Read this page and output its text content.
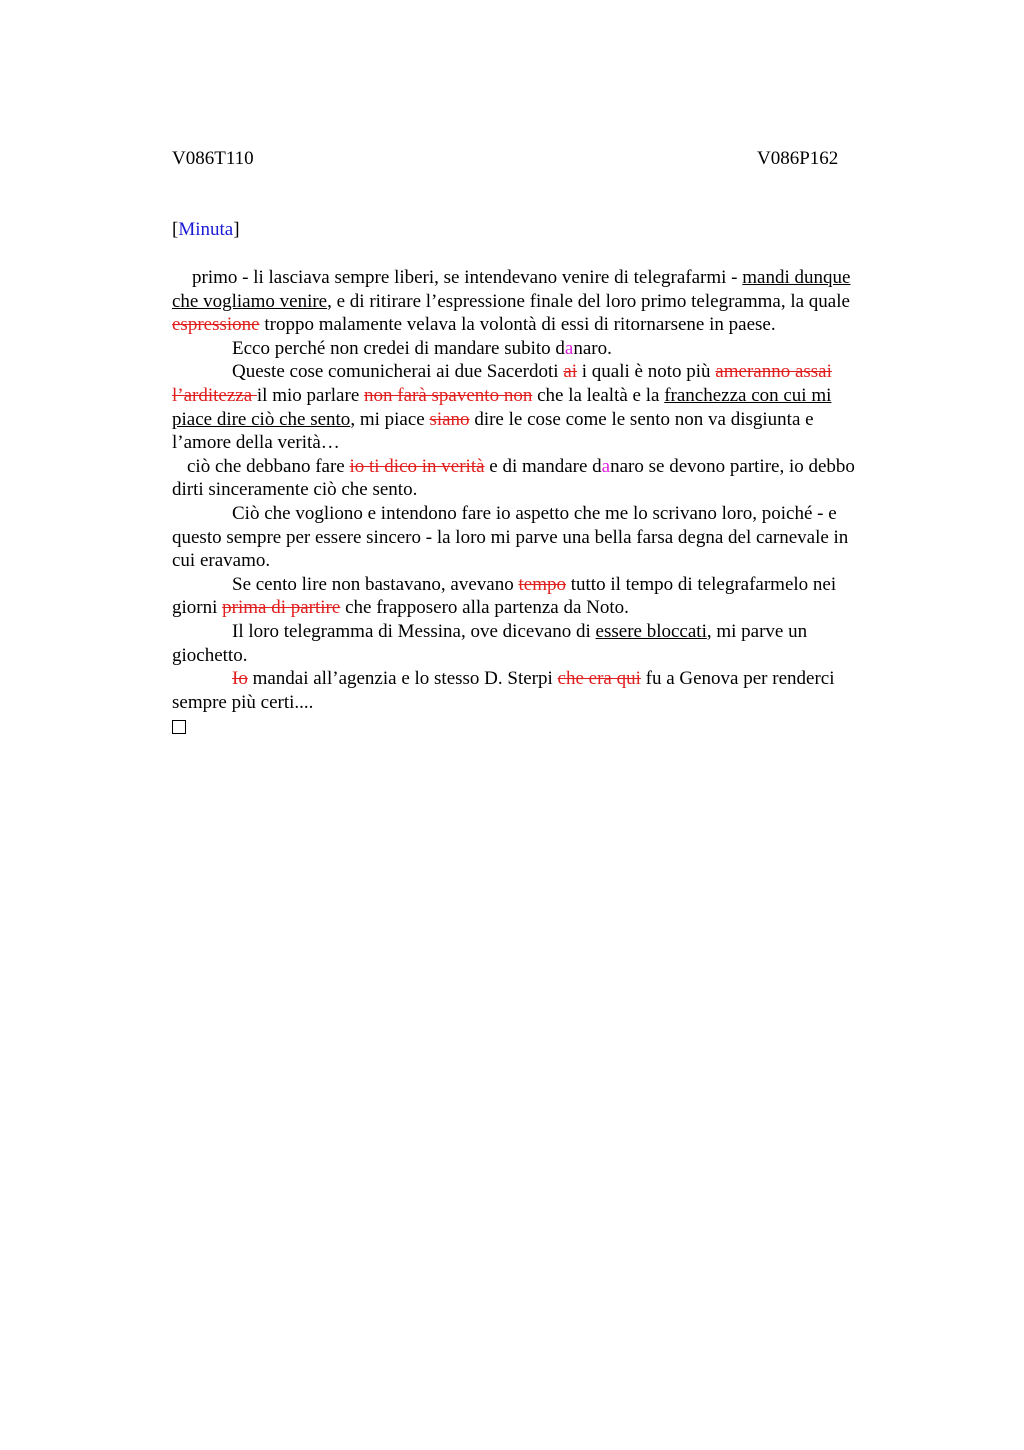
V086T110	V086P162
[Minuta]
primo - li lasciava sempre liberi, se intendevano venire di telegrafarmi - mandi dunque
che vogliamo venire, e di ritirare l’espressione finale del loro primo telegramma, la quale
espressione troppo malamente velava la volontà di essi di ritornarsene in paese.
Ecco perché non credei di mandare subito danaro.
Queste cose comunicherai ai due Sacerdoti ai i quali è noto più ameranno assai
l’arditezza il mio parlare non farà spavento non che la lealtà e la franchezza con cui mi
piace dire ciò che sento, mi piace siano dire le cose come le sento non va disgiunta e
l’amore della verità…
ciò che debbano fare io ti dico in verità e di mandare danaro se devono partire, io debbo
dirti sinceramente ciò che sento.
Ciò che vogliono e intendono fare io aspetto che me lo scrivano loro, poiché - e
questo sempre per essere sincero - la loro mi parve una bella farsa degna del carnevale in
cui eravamo.
Se cento lire non bastavano, avevano tempo tutto il tempo di telegrafarmelo nei
giorni prima di partire che frapposero alla partenza da Noto.
Il loro telegramma di Messina, ove dicevano di essere bloccati, mi parve un
giochetto.
Io mandai all’agenzia e lo stesso D. Sterpi che era qui fu a Genova per renderci
sempre più certi....
